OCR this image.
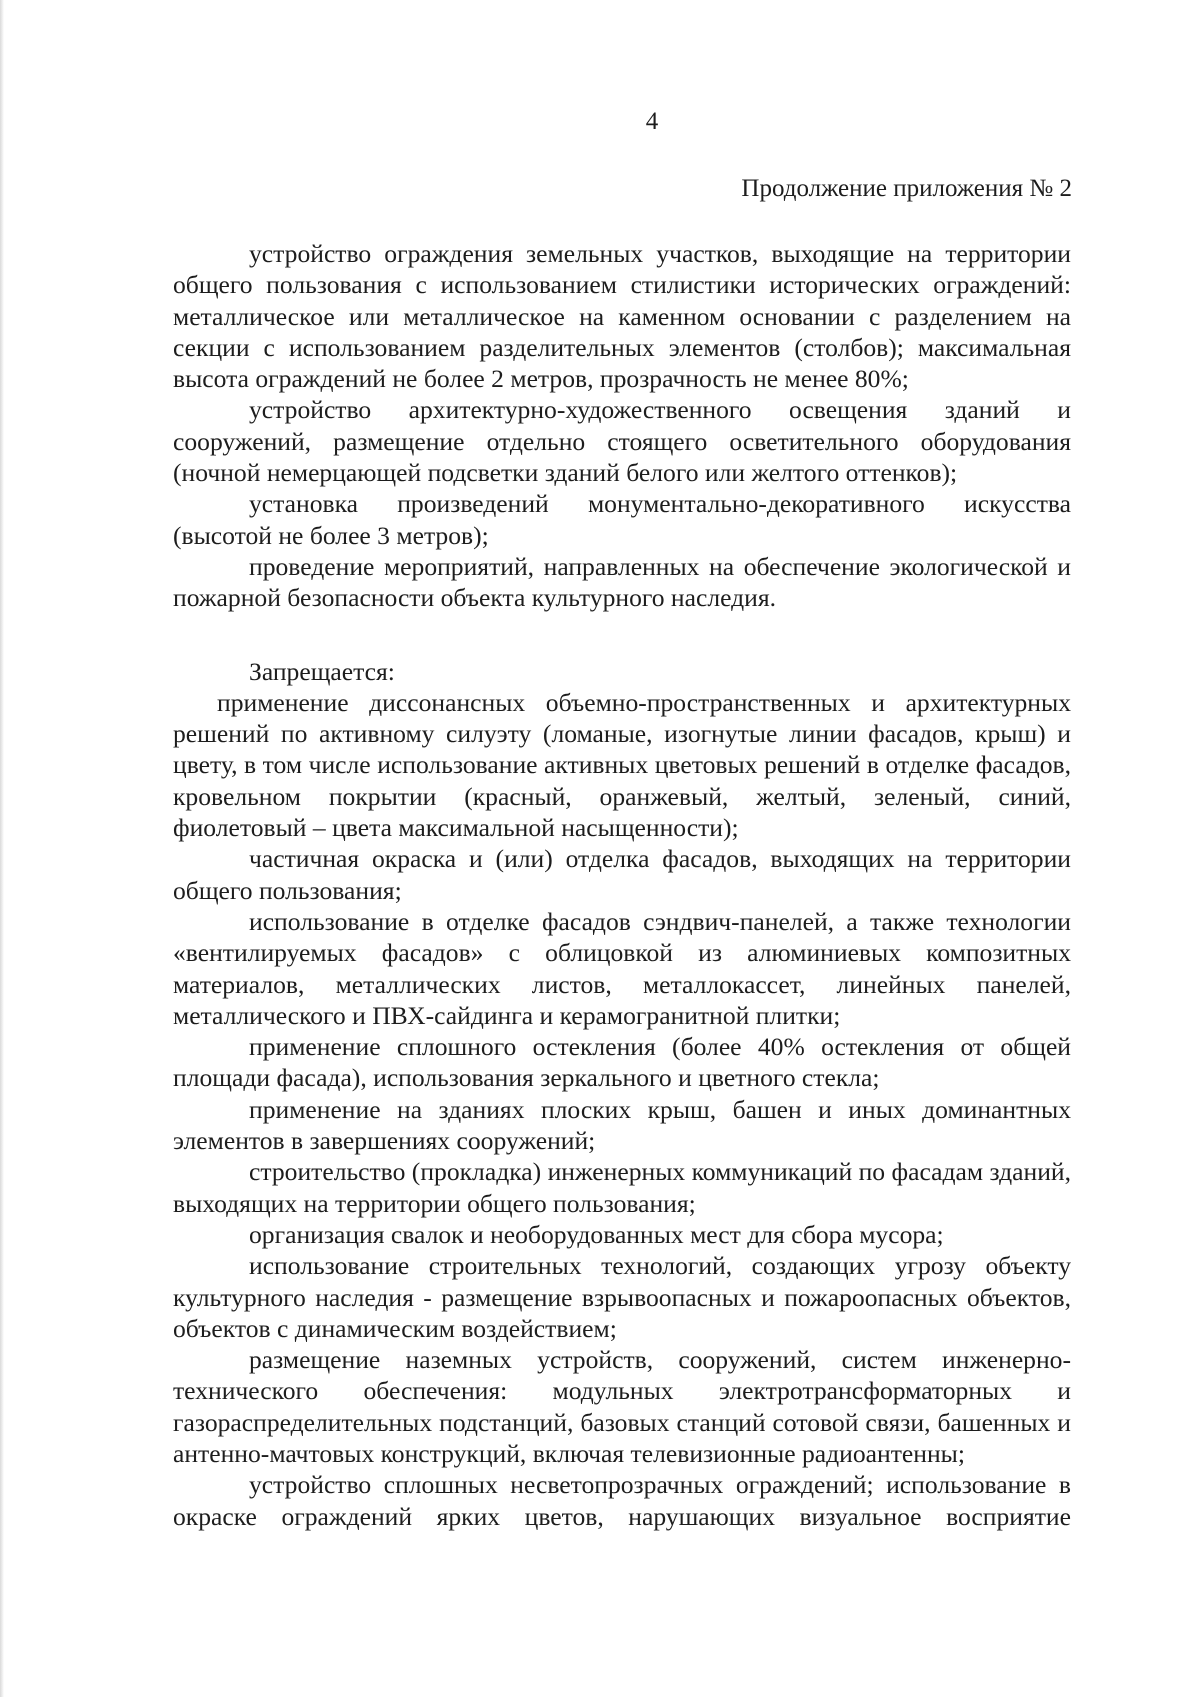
4
Продолжение приложения № 2

устройство ограждения земельных участков, выходящие на территории общего пользования с использованием стилистики исторических ограждений: металлическое или металлическое на каменном основании с разделением на секции с использованием разделительных элементов (столбов); максимальная высота ограждений не более 2 метров, прозрачность не менее 80%;

устройство архитектурно-художественного освещения зданий и сооружений, размещение отдельно стоящего осветительного оборудования (ночной немерцающей подсветки зданий белого или желтого оттенков);

установка произведений монументально-декоративного искусства (высотой не более 3 метров);

проведение мероприятий, направленных на обеспечение экологической и пожарной безопасности объекта культурного наследия.

Запрещается:

применение диссонансных объемно-пространственных и архитектурных решений по активному силуэту (ломаные, изогнутые линии фасадов, крыш) и цвету, в том числе использование активных цветовых решений в отделке фасадов, кровельном покрытии (красный, оранжевый, желтый, зеленый, синий, фиолетовый – цвета максимальной насыщенности);

частичная окраска и (или) отделка фасадов, выходящих на территории общего пользования;

использование в отделке фасадов сэндвич-панелей, а также технологии «вентилируемых фасадов» с облицовкой из алюминиевых композитных материалов, металлических листов, металлокассет, линейных панелей, металлического и ПВХ-сайдинга и керамогранитной плитки;

применение сплошного остекления (более 40% остекления от общей площади фасада), использования зеркального и цветного стекла;

применение на зданиях плоских крыш, башен и иных доминантных элементов в завершениях сооружений;

строительство (прокладка) инженерных коммуникаций по фасадам зданий, выходящих на территории общего пользования;

организация свалок и необорудованных мест для сбора мусора;

использование строительных технологий, создающих угрозу объекту культурного наследия - размещение взрывоопасных и пожароопасных объектов, объектов с динамическим воздействием;

размещение наземных устройств, сооружений, систем инженерно-технического обеспечения: модульных электротрансформаторных и газораспределительных подстанций, базовых станций сотовой связи, башенных и антенно-мачтовых конструкций, включая телевизионные радиоантенны;

устройство сплошных несветопрозрачных ограждений; использование в окраске ограждений ярких цветов, нарушающих визуальное восприятие
